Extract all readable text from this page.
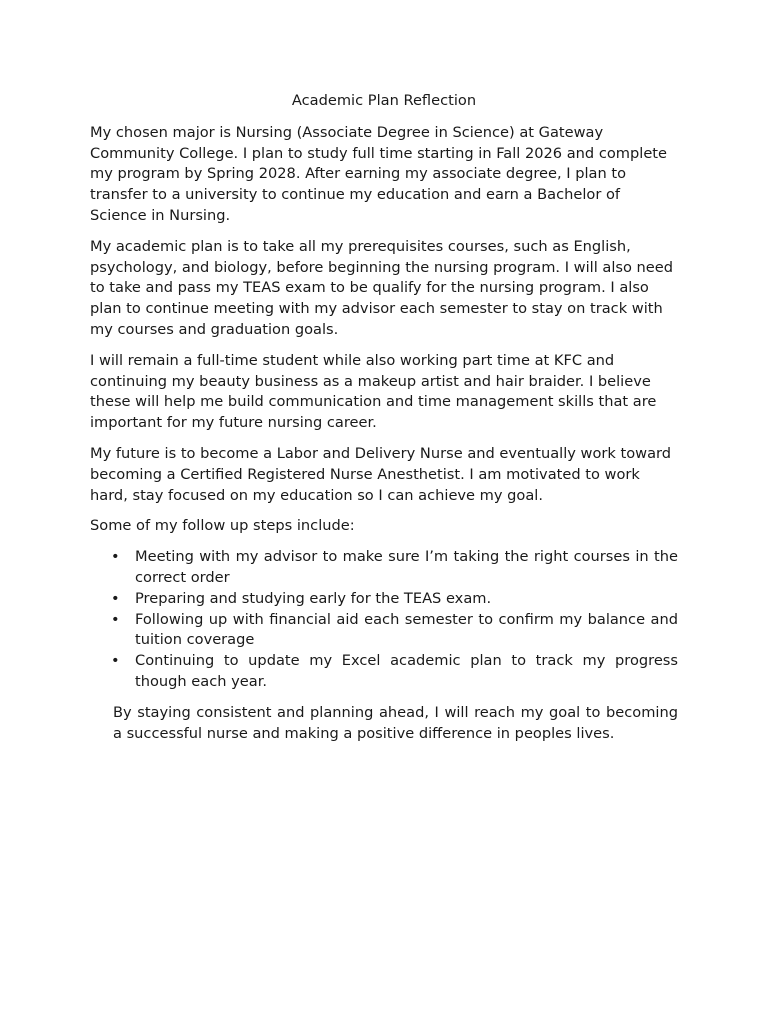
Academic Plan Reflection

My chosen major is Nursing (Associate Degree in Science) at Gateway Community College. I plan to study full time starting in Fall 2026 and complete my program by Spring 2028. After earning my associate degree, I plan to transfer to a university to continue my education and earn a Bachelor of Science in Nursing.

My academic plan is to take all my prerequisites courses, such as English, psychology, and biology, before beginning the nursing program. I will also need to take and pass my TEAS exam to be qualify for the nursing program. I also plan to continue meeting with my advisor each semester to stay on track with my courses and graduation goals.

I will remain a full-time student while also working part time at KFC and continuing my beauty business as a makeup artist and hair braider. I believe these will help me build communication and time management skills that are important for my future nursing career.

My future is to become a Labor and Delivery Nurse and eventually work toward becoming a Certified Registered Nurse Anesthetist. I am motivated to work hard, stay focused on my education so I can achieve my goal.

Some of my follow up steps include:

• Meeting with my advisor to make sure I’m taking the right courses in the correct order
• Preparing and studying early for the TEAS exam.
• Following up with financial aid each semester to confirm my balance and tuition coverage
• Continuing to update my Excel academic plan to track my progress though each year.

By staying consistent and planning ahead, I will reach my goal to becoming a successful nurse and making a positive difference in peoples lives.
